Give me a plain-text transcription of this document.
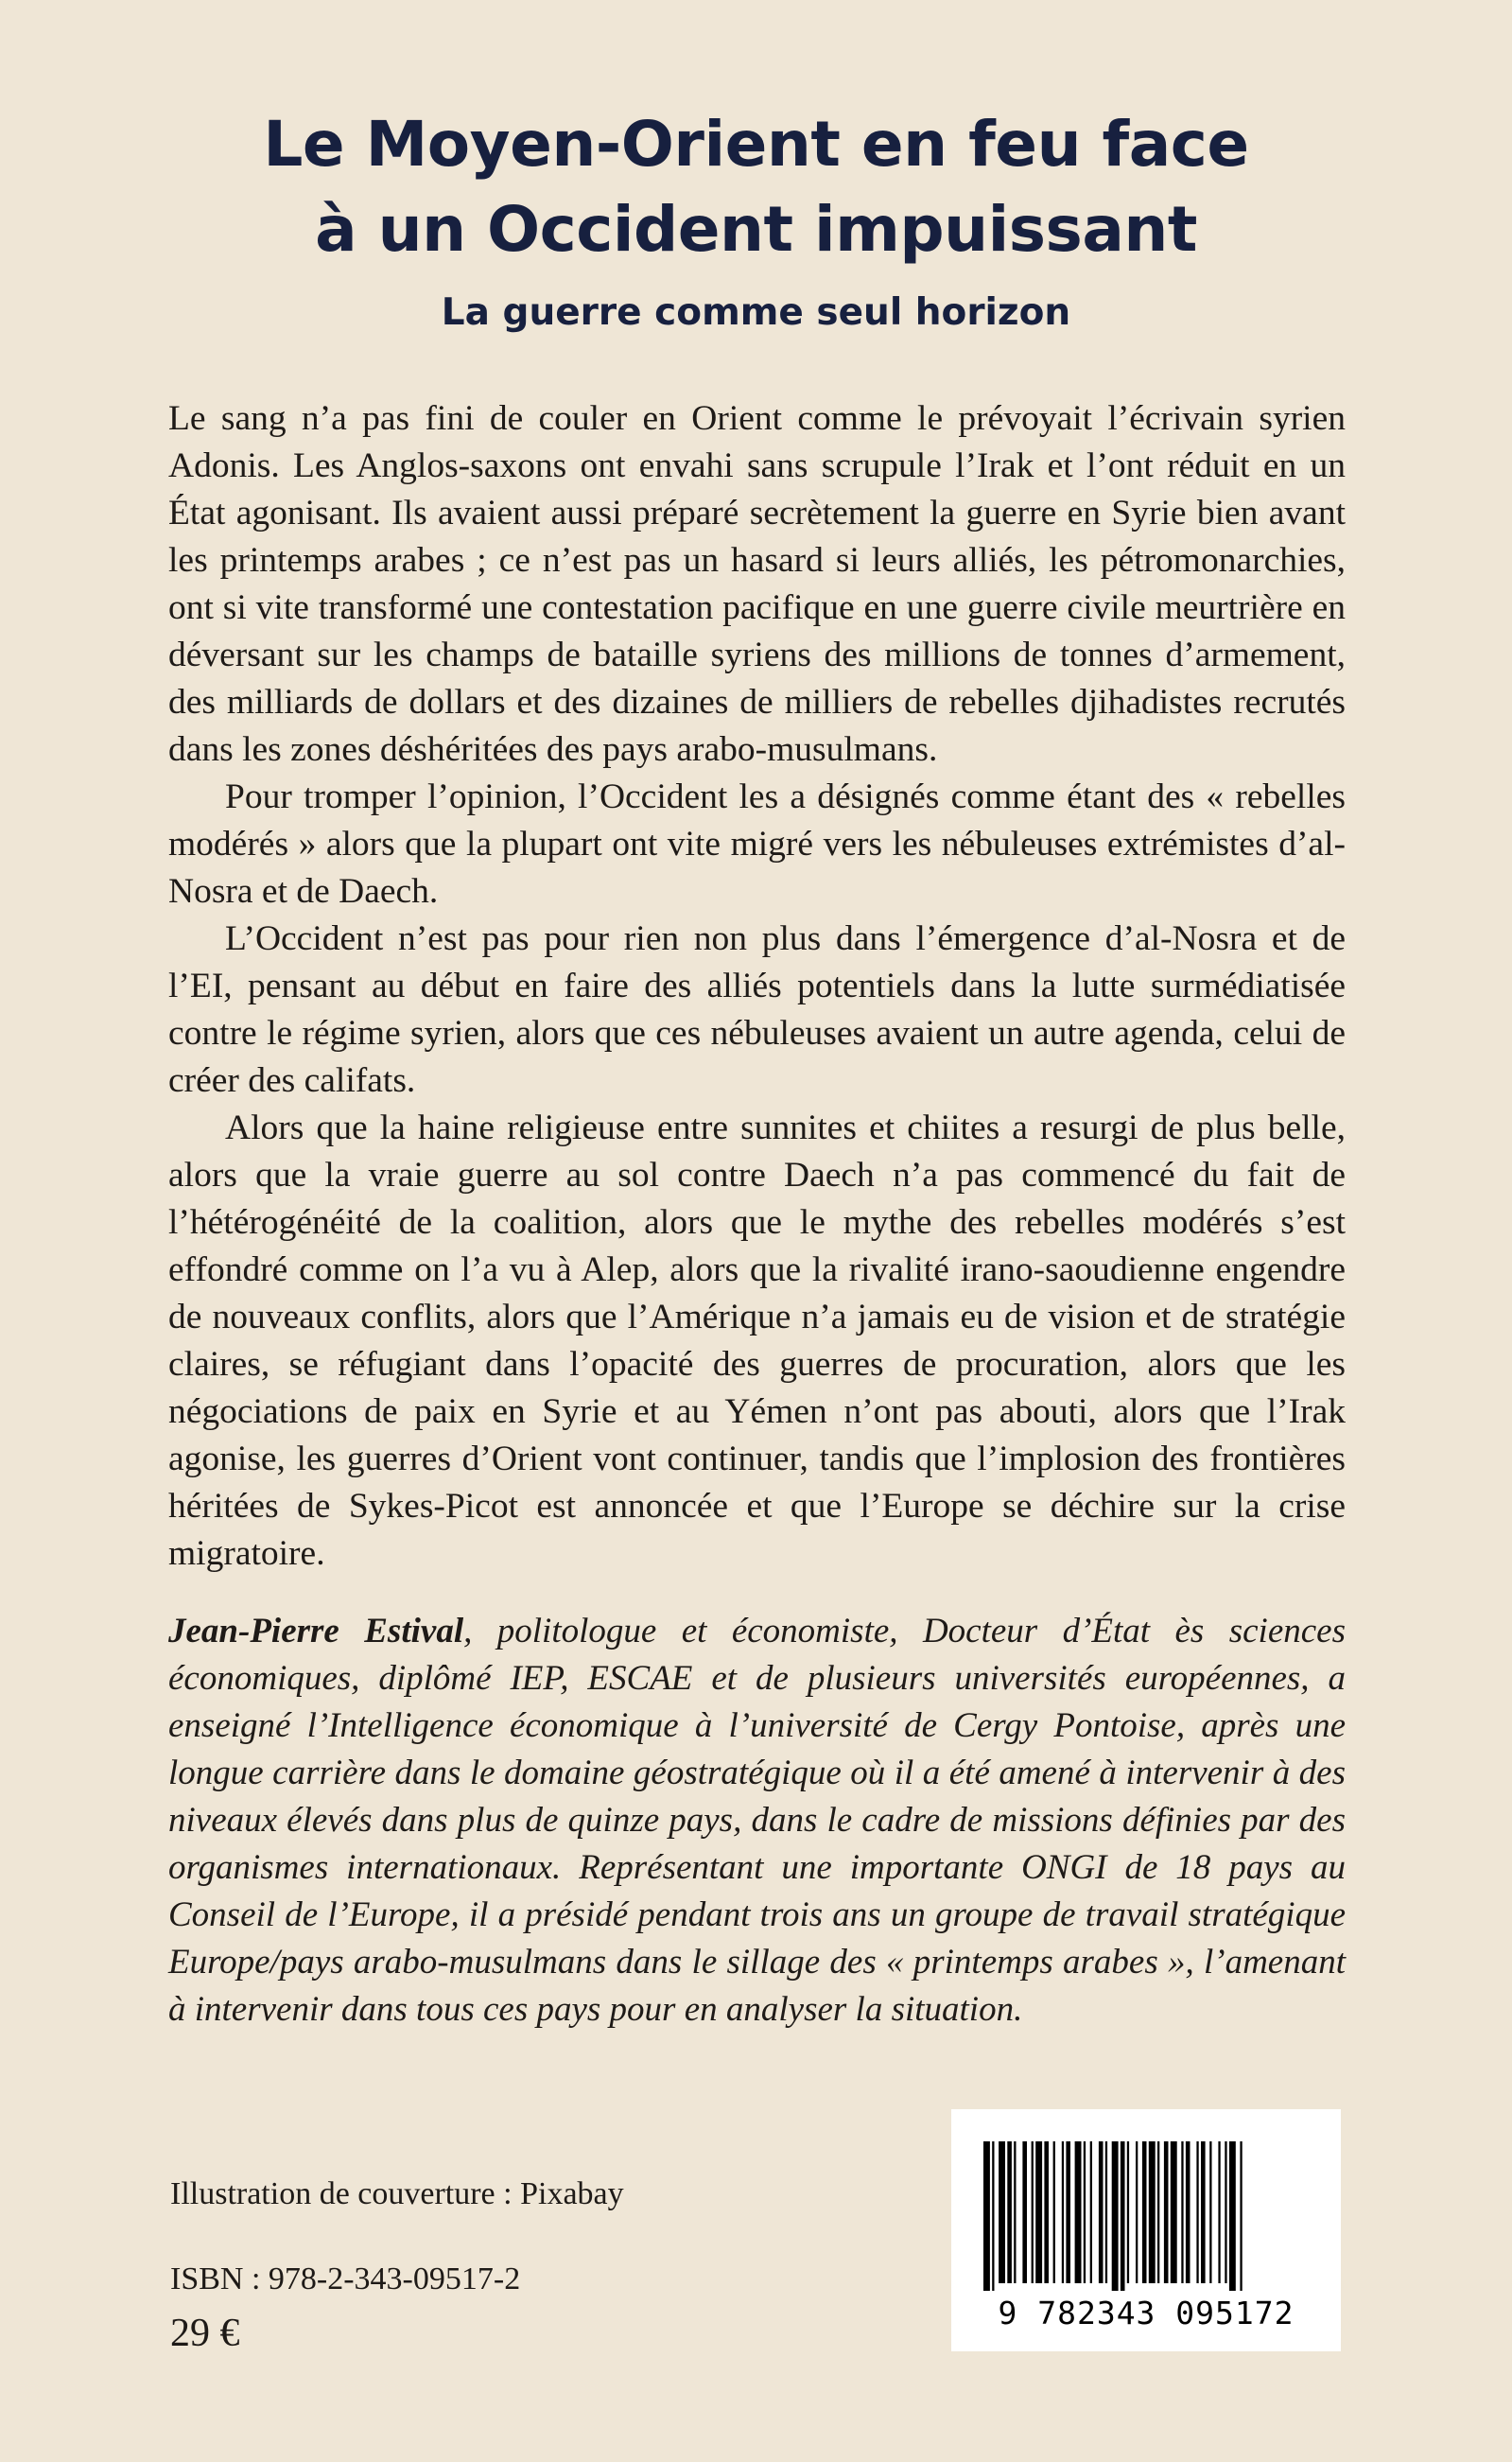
Le Moyen-Orient en feu face
à un Occident impuissant
La guerre comme seul horizon

Le sang n’a pas fini de couler en Orient comme le prévoyait l’écrivain syrien Adonis. Les Anglos-saxons ont envahi sans scrupule l’Irak et l’ont réduit en un État agonisant. Ils avaient aussi préparé secrètement la guerre en Syrie bien avant les printemps arabes ; ce n’est pas un hasard si leurs alliés, les pétromonarchies, ont si vite transformé une contestation pacifique en une guerre civile meurtrière en déversant sur les champs de bataille syriens des millions de tonnes d’armement, des milliards de dollars et des dizaines de milliers de rebelles djihadistes recrutés dans les zones déshéritées des pays arabo-musulmans.

Pour tromper l’opinion, l’Occident les a désignés comme étant des « rebelles modérés » alors que la plupart ont vite migré vers les nébuleuses extrémistes d’al-Nosra et de Daech.

L’Occident n’est pas pour rien non plus dans l’émergence d’al-Nosra et de l’EI, pensant au début en faire des alliés potentiels dans la lutte surmédiatisée contre le régime syrien, alors que ces nébuleuses avaient un autre agenda, celui de créer des califats.

Alors que la haine religieuse entre sunnites et chiites a resurgi de plus belle, alors que la vraie guerre au sol contre Daech n’a pas commencé du fait de l’hétérogénéité de la coalition, alors que le mythe des rebelles modérés s’est effondré comme on l’a vu à Alep, alors que la rivalité irano-saoudienne engendre de nouveaux conflits, alors que l’Amérique n’a jamais eu de vision et de stratégie claires, se réfugiant dans l’opacité des guerres de procuration, alors que les négociations de paix en Syrie et au Yémen n’ont pas abouti, alors que l’Irak agonise, les guerres d’Orient vont continuer, tandis que l’implosion des frontières héritées de Sykes-Picot est annoncée et que l’Europe se déchire sur la crise migratoire.

Jean-Pierre Estival, politologue et économiste, Docteur d’État ès sciences économiques, diplômé IEP, ESCAE et de plusieurs universités européennes, a enseigné l’Intelligence économique à l’université de Cergy Pontoise, après une longue carrière dans le domaine géostratégique où il a été amené à intervenir à des niveaux élevés dans plus de quinze pays, dans le cadre de missions définies par des organismes internationaux. Représentant une importante ONGI de 18 pays au Conseil de l’Europe, il a présidé pendant trois ans un groupe de travail stratégique Europe/pays arabo-musulmans dans le sillage des « printemps arabes », l’amenant à intervenir dans tous ces pays pour en analyser la situation.

Illustration de couverture : Pixabay

ISBN : 978-2-343-09517-2

29 €	9 782343 095172
